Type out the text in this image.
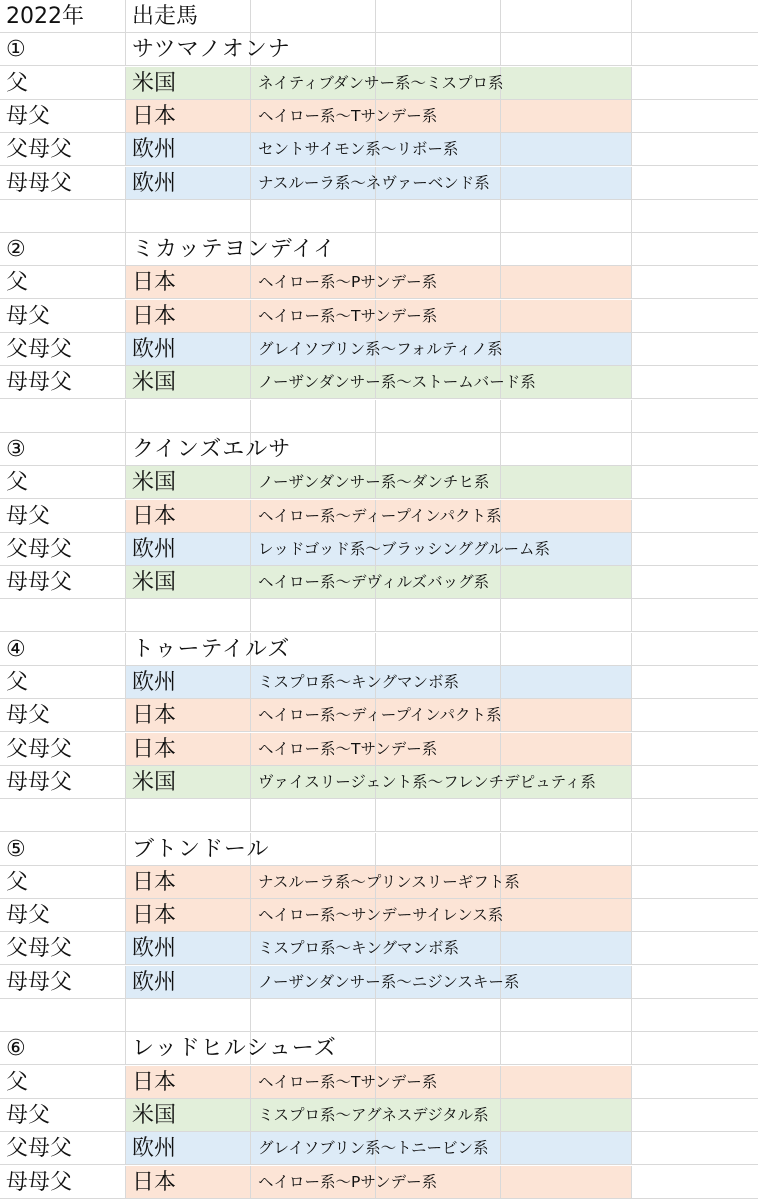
2022年	出走馬
①	サツマノオンナ
父	米国	ネイティブダンサー系〜ミスプロ系
母父	日本	ヘイロー系〜Tサンデー系
父母父	欧州	セントサイモン系〜リボー系
母母父	欧州	ナスルーラ系〜ネヴァーベンド系
②	ミカッテヨンデイイ
父	日本	ヘイロー系〜Pサンデー系
母父	日本	ヘイロー系〜Tサンデー系
父母父	欧州	グレイソブリン系〜フォルティノ系
母母父	米国	ノーザンダンサー系〜ストームバード系
③	クインズエルサ
父	米国	ノーザンダンサー系〜ダンチヒ系
母父	日本	ヘイロー系〜ディープインパクト系
父母父	欧州	レッドゴッド系〜ブラッシンググルーム系
母母父	米国	ヘイロー系〜デヴィルズバッグ系
④	トゥーテイルズ
父	欧州	ミスプロ系〜キングマンボ系
母父	日本	ヘイロー系〜ディープインパクト系
父母父	日本	ヘイロー系〜Tサンデー系
母母父	米国	ヴァイスリージェント系〜フレンチデピュティ系
⑤	ブトンドール
父	日本	ナスルーラ系〜プリンスリーギフト系
母父	日本	ヘイロー系〜サンデーサイレンス系
父母父	欧州	ミスプロ系〜キングマンボ系
母母父	欧州	ノーザンダンサー系〜ニジンスキー系
⑥	レッドヒルシューズ
父	日本	ヘイロー系〜Tサンデー系
母父	米国	ミスプロ系〜アグネスデジタル系
父母父	欧州	グレイソブリン系〜トニービン系
母母父	日本	ヘイロー系〜Pサンデー系
